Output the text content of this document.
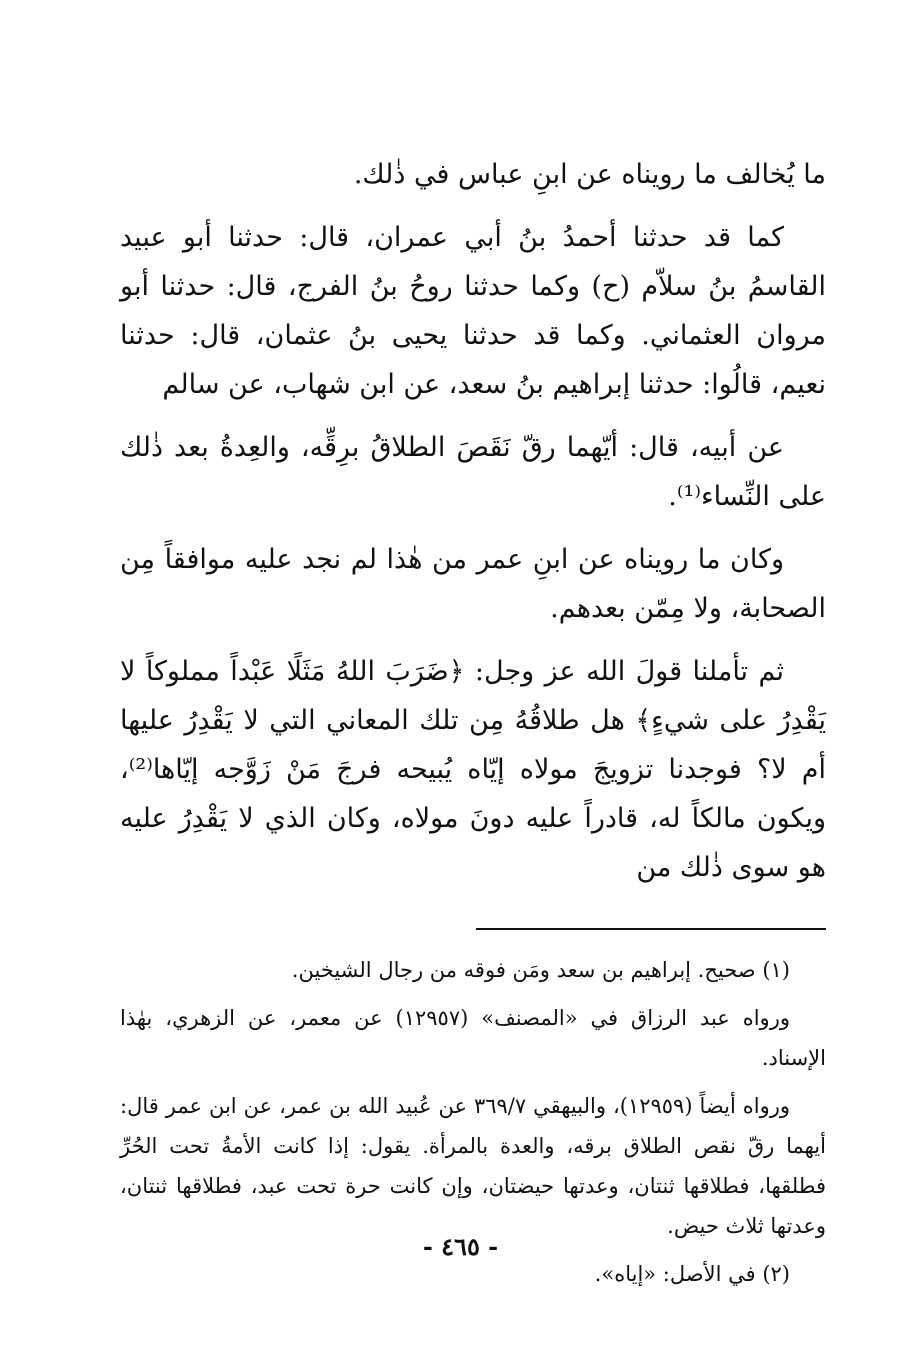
ما يُخالف ما رويناه عن ابنِ عباس في ذٰلك.

كما قد حدثنا أحمدُ بنُ أبي عمران، قال: حدثنا أبو عبيد القاسمُ بنُ سلاّم (ح) وكما حدثنا روحُ بنُ الفرج، قال: حدثنا أبو مروان العثماني. وكما قد حدثنا يحيى بنُ عثمان، قال: حدثنا نعيم، قالُوا: حدثنا إبراهيم بنُ سعد، عن ابن شهاب، عن سالم

عن أبيه، قال: أيّهما رقّ نَقَصَ الطلاقُ برِقِّه، والعِدةُ بعد ذٰلك على النِّساء⁽¹⁾.

وكان ما رويناه عن ابنِ عمر من هٰذا لم نجد عليه موافقاً مِن الصحابة، ولا مِمّن بعدهم.

ثم تأملنا قولَ الله عز وجل: ﴿ضَرَبَ اللهُ مَثَلًا عَبْداً مملوكاً لا يَقْدِرُ على شيءٍ﴾ هل طلاقُهُ مِن تلك المعاني التي لا يَقْدِرُ عليها أم لا؟ فوجدنا تزويجَ مولاه إيّاه يُبيحه فرجَ مَنْ زَوَّجه إيّاها⁽²⁾، ويكون مالكاً له، قادراً عليه دونَ مولاه، وكان الذي لا يَقْدِرُ عليه هو سوى ذٰلك من

(١) صحيح. إبراهيم بن سعد ومَن فوقه من رجال الشيخين.

ورواه عبد الرزاق في «المصنف» (١٢٩٥٧) عن معمر، عن الزهري، بهٰذا الإسناد.

ورواه أيضاً (١٢٩٥٩)، والبيهقي ٣٦٩/٧ عن عُبيد الله بن عمر، عن ابن عمر قال: أيهما رقّ نقص الطلاق برقه، والعدة بالمرأة. يقول: إذا كانت الأمةُ تحت الحُرِّ فطلقها، فطلاقها ثنتان، وعدتها حيضتان، وإن كانت حرة تحت عبد، فطلاقها ثنتان، وعدتها ثلاث حيض.

(٢) في الأصل: «إياه».

- ٤٦٥ -
